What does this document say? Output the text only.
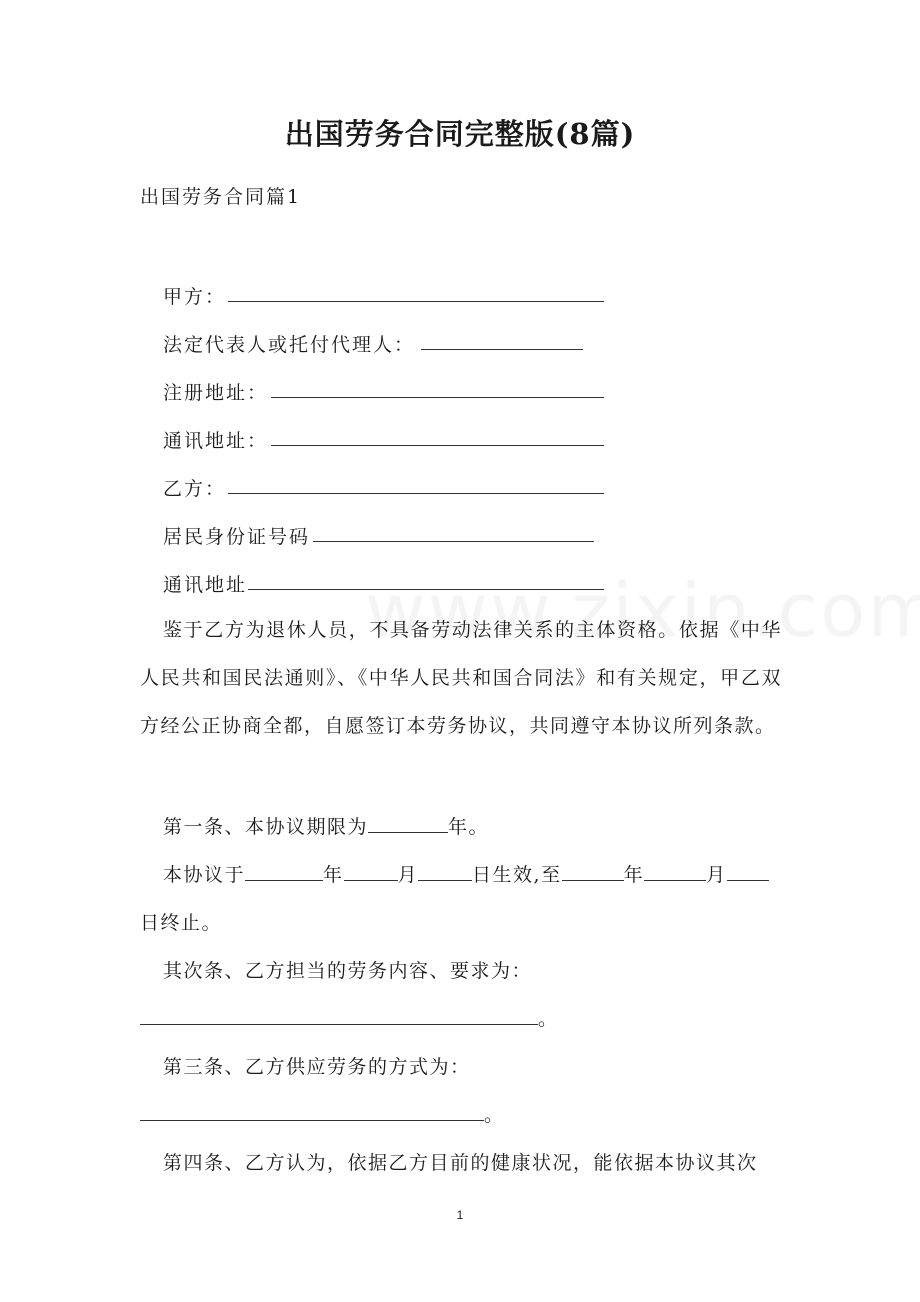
出国劳务合同完整版(8篇)
出国劳务合同篇1
甲方：
法定代表人或托付代理人：
注册地址：
通讯地址：
乙方：
居民身份证号码
通讯地址
鉴于乙方为退休人员，不具备劳动法律关系的主体资格。依据《中华人民共和国民法通则》、《中华人民共和国合同法》和有关规定，甲乙双方经公正协商全都，自愿签订本劳务协议，共同遵守本协议所列条款。
第一条、本协议期限为	年。
本协议于	年	月	日生效,至	年	月
日终止。
其次条、乙方担当的劳务内容、要求为：
。
第三条、乙方供应劳务的方式为：
。
第四条、乙方认为，依据乙方目前的健康状况，能依据本协议其次
1
